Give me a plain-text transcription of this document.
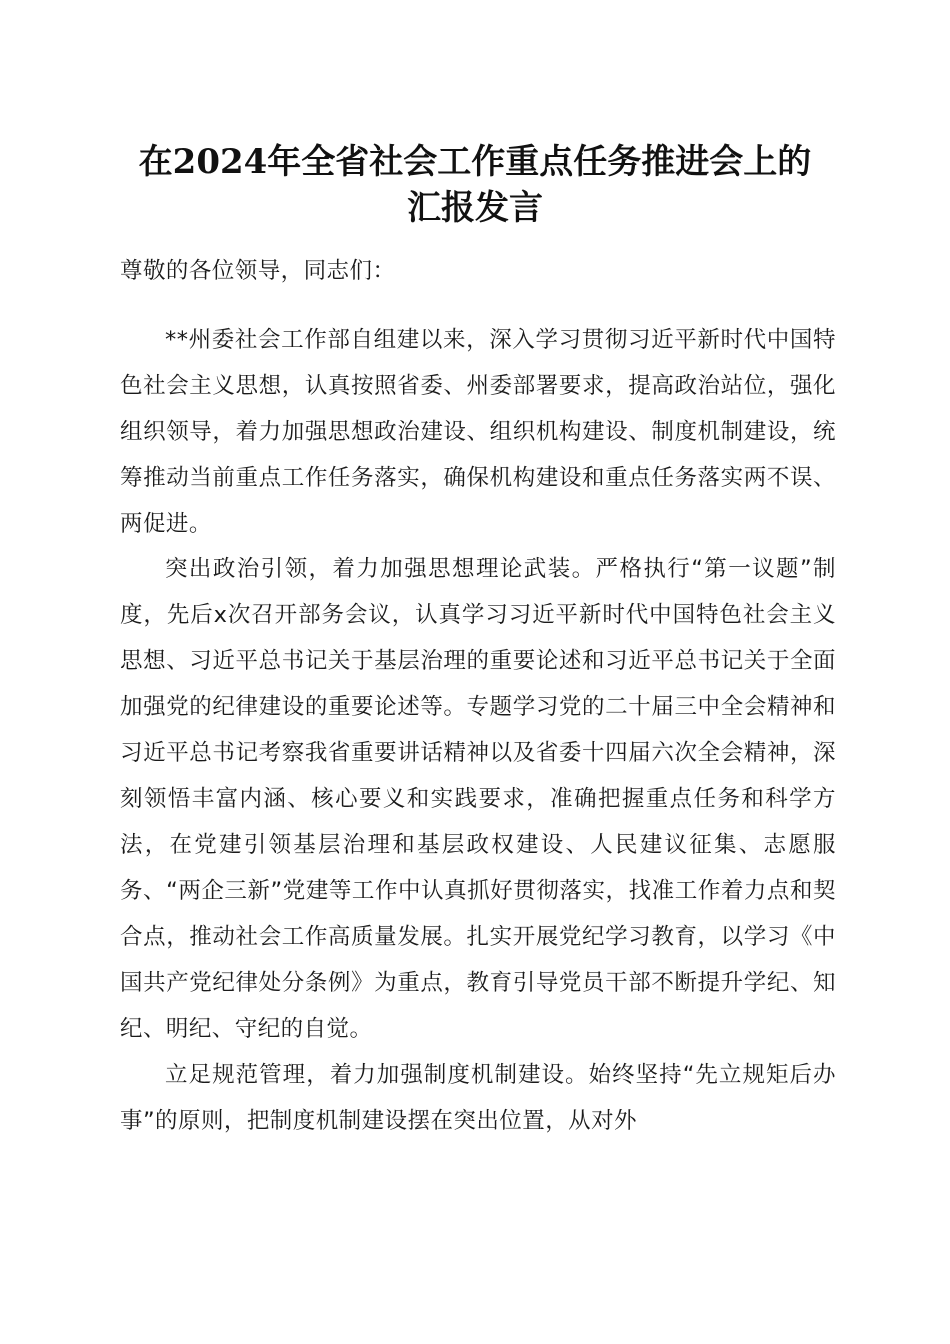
在2024年全省社会工作重点任务推进会上的
汇报发言
尊敬的各位领导，同志们：
**州委社会工作部自组建以来，深入学习贯彻习近平新时代中国特色社会主义思想，认真按照省委、州委部署要求，提高政治站位，强化组织领导，着力加强思想政治建设、组织机构建设、制度机制建设，统筹推动当前重点工作任务落实，确保机构建设和重点任务落实两不误、两促进。
突出政治引领，着力加强思想理论武装。严格执行“第一议题”制度，先后x次召开部务会议，认真学习习近平新时代中国特色社会主义思想、习近平总书记关于基层治理的重要论述和习近平总书记关于全面加强党的纪律建设的重要论述等。专题学习党的二十届三中全会精神和习近平总书记考察我省重要讲话精神以及省委十四届六次全会精神，深刻领悟丰富内涵、核心要义和实践要求，准确把握重点任务和科学方法，在党建引领基层治理和基层政权建设、人民建议征集、志愿服务、“两企三新”党建等工作中认真抓好贯彻落实，找准工作着力点和契合点，推动社会工作高质量发展。扎实开展党纪学习教育，以学习《中国共产党纪律处分条例》为重点，教育引导党员干部不断提升学纪、知纪、明纪、守纪的自觉。
立足规范管理，着力加强制度机制建设。始终坚持“先立规矩后办事”的原则，把制度机制建设摆在突出位置，从对外
